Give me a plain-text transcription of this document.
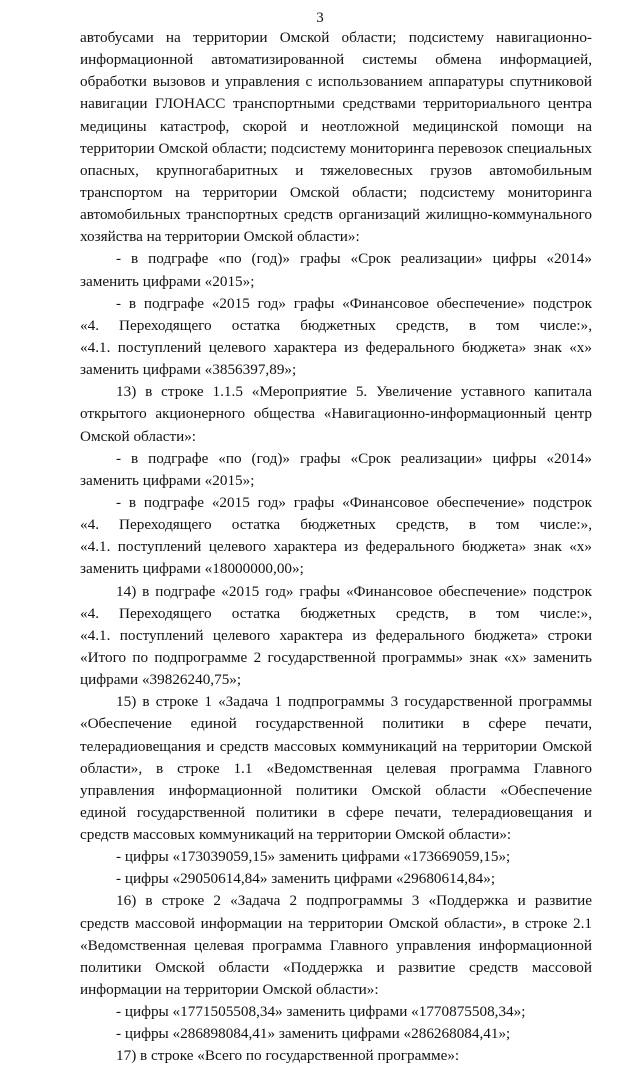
3
автобусами на территории Омской области; подсистему навигационно-
информационной автоматизированной системы обмена информацией,
обработки вызовов и управления с использованием аппаратуры спутниковой
навигации ГЛОНАСС транспортными средствами территориального центра
медицины катастроф, скорой и неотложной медицинской помощи на
территории Омской области; подсистему мониторинга перевозок специальных
опасных, крупногабаритных и тяжеловесных грузов автомобильным
транспортом на территории Омской области; подсистему мониторинга
автомобильных транспортных средств организаций жилищно-коммунального
хозяйства на территории Омской области»:
- в подграфе «по (год)» графы «Срок реализации» цифры «2014»
заменить цифрами «2015»;
- в подграфе «2015 год» графы «Финансовое обеспечение» подстрок
«4. Переходящего остатка бюджетных средств, в том числе:»,
«4.1. поступлений целевого характера из федерального бюджета» знак «х»
заменить цифрами «3856397,89»;
13) в строке 1.1.5 «Мероприятие 5. Увеличение уставного капитала
открытого акционерного общества «Навигационно-информационный центр
Омской области»:
- в подграфе «по (год)» графы «Срок реализации» цифры «2014»
заменить цифрами «2015»;
- в подграфе «2015 год» графы «Финансовое обеспечение» подстрок
«4. Переходящего остатка бюджетных средств, в том числе:»,
«4.1. поступлений целевого характера из федерального бюджета» знак «х»
заменить цифрами «18000000,00»;
14) в подграфе «2015 год» графы «Финансовое обеспечение» подстрок
«4. Переходящего остатка бюджетных средств, в том числе:»,
«4.1. поступлений целевого характера из федерального бюджета» строки
«Итого по подпрограмме 2 государственной программы» знак «х» заменить
цифрами «39826240,75»;
15) в строке 1 «Задача 1 подпрограммы 3 государственной программы
«Обеспечение единой государственной политики в сфере печати,
телерадиовещания и средств массовых коммуникаций на территории Омской
области», в строке 1.1 «Ведомственная целевая программа Главного
управления информационной политики Омской области «Обеспечение
единой государственной политики в сфере печати, телерадиовещания и
средств массовых коммуникаций на территории Омской области»:
- цифры «173039059,15» заменить цифрами «173669059,15»;
- цифры «29050614,84» заменить цифрами «29680614,84»;
16) в строке 2 «Задача 2 подпрограммы 3 «Поддержка и развитие
средств массовой информации на территории Омской области», в строке 2.1
«Ведомственная целевая программа Главного управления информационной
политики Омской области «Поддержка и развитие средств массовой
информации на территории Омской области»:
- цифры «1771505508,34» заменить цифрами «1770875508,34»;
- цифры «286898084,41» заменить цифрами «286268084,41»;
17) в строке «Всего по государственной программе»:
